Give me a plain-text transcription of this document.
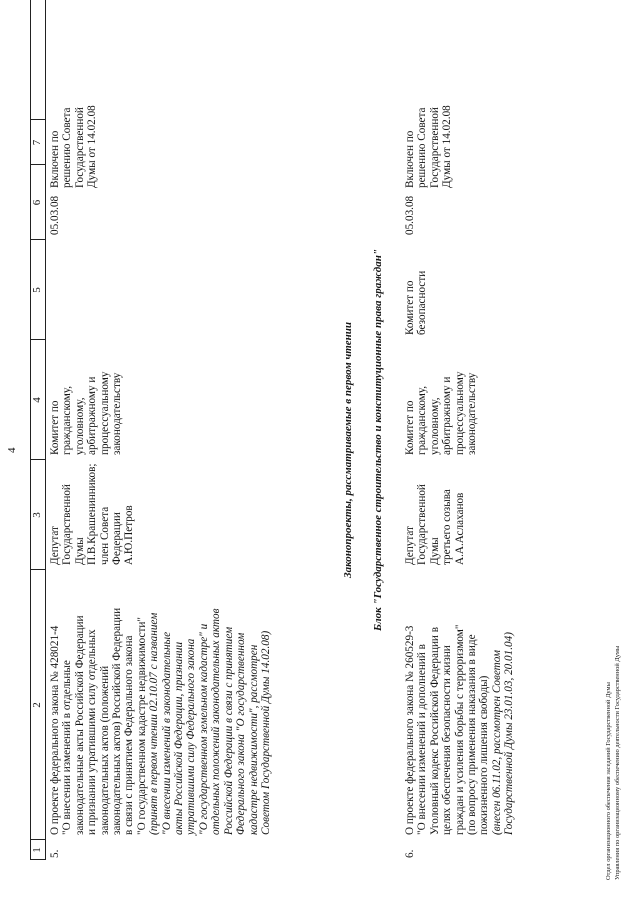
4
1
2
3
4
5
6
7
5.
О проекте федерального закона № 428021-4
"О внесении изменений в отдельные
законодательные акты Российской Федерации
и признании утратившими силу отдельных
законодательных актов (положений
законодательных актов) Российской Федерации
в связи с принятием Федерального закона
"О государственном кадастре недвижимости"
(принят в первом чтении 02.10.07 с названием
"О внесении изменений в законодательные
акты Российской Федерации, признании
утратившими силу Федерального закона
"О государственном земельном кадастре" и
отдельных положений законодательных актов
Российской Федерации в связи с принятием
Федерального закона "О государственном
кадастре недвижимости", рассмотрен
Советом Государственной Думы 14.02.08)
Депутат
Государственной
Думы
П.В.Крашенинников;
член Совета
Федерации
А.Ю.Петров
Комитет по
гражданскому,
уголовному,
арбитражному и
процессуальному
законодательству
05.03.08
Включен по
решению Совета
Государственной
Думы от 14.02.08
Законопроекты, рассматриваемые в первом чтении Блок "Государственное строительство и конституционные права граждан"
6.
О проекте федерального закона № 260529-3
"О внесении изменений и дополнений в
Уголовный кодекс Российской Федерации в
целях обеспечения безопасности жизни
граждан и усиления борьбы с терроризмом"
(по вопросу применения наказания в виде
пожизненного лишения свободы)
(внесен 06.11.02, рассмотрен Советом
Государственной Думы 23.01.03, 20.01.04)
Депутат
Государственной
Думы
третьего созыва
А.А.Аслаханов
Комитет по
гражданскому,
уголовному,
арбитражному и
процессуальному
законодательству
Комитет по
безопасности
05.03.08
Включен по
решению Совета
Государственной
Думы от 14.02.08
Отдел организационного обеспечения заседаний Государственной Думы
Управления по организационному обеспечению деятельности Государственной Думы
